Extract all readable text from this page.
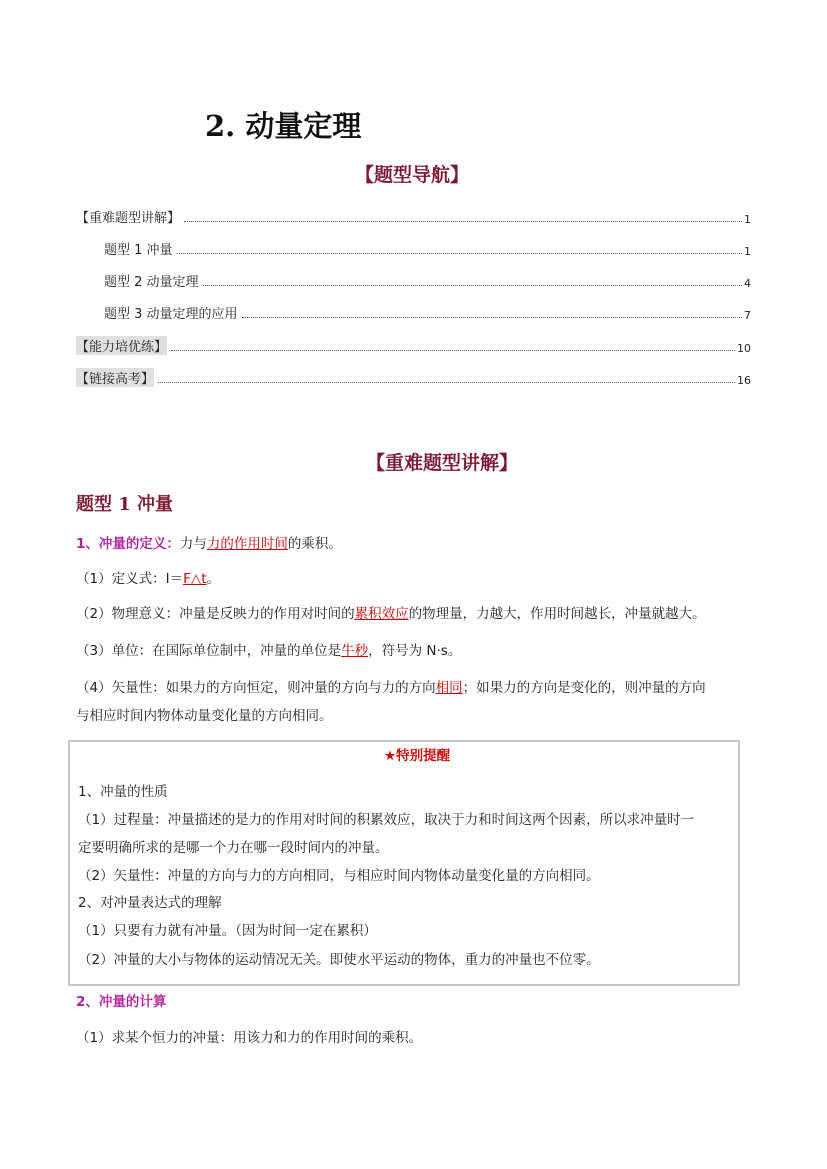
2. 动量定理
【题型导航】
【重难题型讲解】	1
题型 1 冲量	1
题型 2 动量定理	4
题型 3 动量定理的应用	7
【能力培优练】	10
【链接高考】	16
【重难题型讲解】
题型 1 冲量
1、冲量的定义：力与力的作用时间的乘积。
（1）定义式：I＝F△t。
（2）物理意义：冲量是反映力的作用对时间的累积效应的物理量，力越大，作用时间越长，冲量就越大。
（3）单位：在国际单位制中，冲量的单位是牛秒，符号为 N·s。
（4）矢量性：如果力的方向恒定，则冲量的方向与力的方向相同；如果力的方向是变化的，则冲量的方向
与相应时间内物体动量变化量的方向相同。
★特别提醒
1、冲量的性质
（1）过程量：冲量描述的是力的作用对时间的积累效应，取决于力和时间这两个因素，所以求冲量时一
定要明确所求的是哪一个力在哪一段时间内的冲量。
（2）矢量性：冲量的方向与力的方向相同，与相应时间内物体动量变化量的方向相同。
2、对冲量表达式的理解
（1）只要有力就有冲量。（因为时间一定在累积）
（2）冲量的大小与物体的运动情况无关。即使水平运动的物体，重力的冲量也不位零。
2、冲量的计算
（1）求某个恒力的冲量：用该力和力的作用时间的乘积。
